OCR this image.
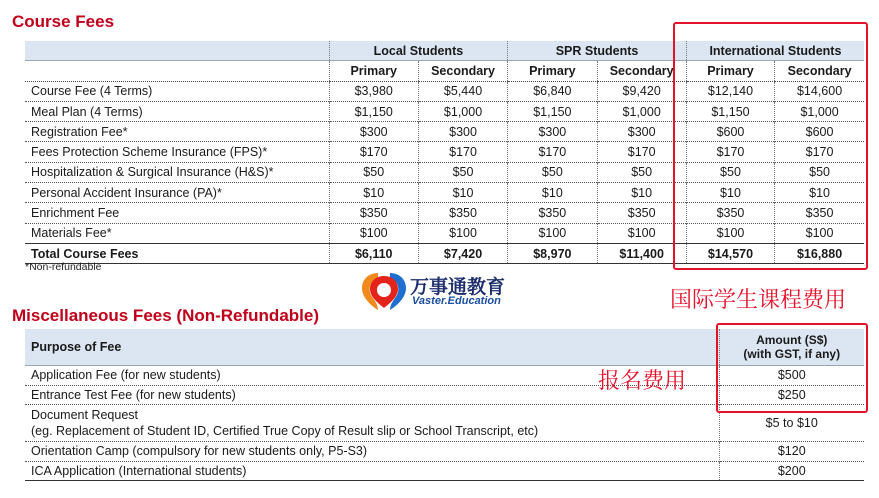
Course Fees
	Local Students		SPR Students		International Students	
	Primary	Secondary	Primary	Secondary	Primary	Secondary
Course Fee (4 Terms)	$3,980	$5,440	$6,840	$9,420	$12,140	$14,600
Meal Plan (4 Terms)	$1,150	$1,000	$1,150	$1,000	$1,150	$1,000
Registration Fee*	$300	$300	$300	$300	$600	$600
Fees Protection Scheme Insurance (FPS)*	$170	$170	$170	$170	$170	$170
Hospitalization & Surgical Insurance (H&S)*	$50	$50	$50	$50	$50	$50
Personal Accident Insurance (PA)*	$10	$10	$10	$10	$10	$10
Enrichment Fee	$350	$350	$350	$350	$350	$350
Materials Fee*	$100	$100	$100	$100	$100	$100
Total Course Fees	$6,110	$7,420	$8,970	$11,400	$14,570	$16,880
*Non-refundable
万事通教育
Vaster.Education
Miscellaneous Fees (Non-Refundable)
Purpose of Fee	Amount (S$)
(with GST, if any)
Application Fee (for new students)	$500
Entrance Test Fee (for new students)	$250
Document Request
(eg. Replacement of Student ID, Certified True Copy of Result slip or School Transcript, etc)	$5 to $10
Orientation Camp (compulsory for new students only, P5-S3)	$120
ICA Application (International students)	$200
国际学生课程费用
报名费用
